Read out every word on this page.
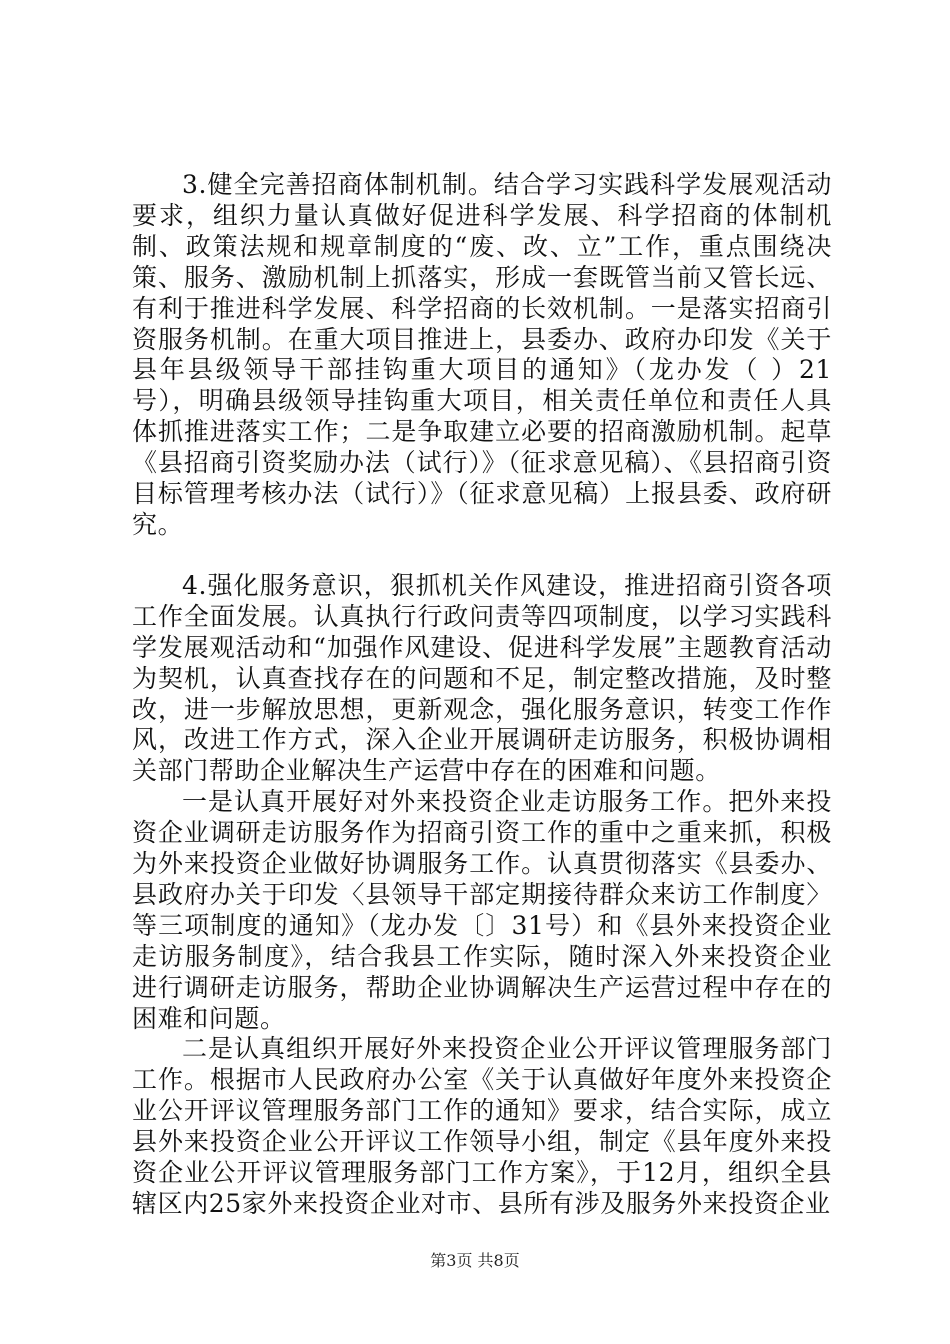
3.健全完善招商体制机制。结合学习实践科学发展观活动要求，组织力量认真做好促进科学发展、科学招商的体制机制、政策法规和规章制度的“废、改、立”工作，重点围绕决策、服务、激励机制上抓落实，形成一套既管当前又管长远、有利于推进科学发展、科学招商的长效机制。一是落实招商引资服务机制。在重大项目推进上，县委办、政府办印发《关于县年县级领导干部挂钩重大项目的通知》（龙办发（ ）21号），明确县级领导挂钩重大项目，相关责任单位和责任人具体抓推进落实工作；二是争取建立必要的招商激励机制。起草《县招商引资奖励办法（试行）》（征求意见稿）、《县招商引资目标管理考核办法（试行）》（征求意见稿）上报县委、政府研究。

4.强化服务意识，狠抓机关作风建设，推进招商引资各项工作全面发展。认真执行行政问责等四项制度，以学习实践科学发展观活动和“加强作风建设、促进科学发展”主题教育活动为契机，认真查找存在的问题和不足，制定整改措施，及时整改，进一步解放思想，更新观念，强化服务意识，转变工作作风，改进工作方式，深入企业开展调研走访服务，积极协调相关部门帮助企业解决生产运营中存在的困难和问题。

一是认真开展好对外来投资企业走访服务工作。把外来投资企业调研走访服务作为招商引资工作的重中之重来抓，积极为外来投资企业做好协调服务工作。认真贯彻落实《县委办、县政府办关于印发〈县领导干部定期接待群众来访工作制度〉等三项制度的通知》（龙办发〔〕31号）和《县外来投资企业走访服务制度》，结合我县工作实际，随时深入外来投资企业进行调研走访服务，帮助企业协调解决生产运营过程中存在的困难和问题。

二是认真组织开展好外来投资企业公开评议管理服务部门工作。根据市人民政府办公室《关于认真做好年度外来投资企业公开评议管理服务部门工作的通知》要求，结合实际，成立县外来投资企业公开评议工作领导小组，制定《县年度外来投资企业公开评议管理服务部门工作方案》，于12月，组织全县辖区内25家外来投资企业对市、县所有涉及服务外来投资企业

第3页 共8页
